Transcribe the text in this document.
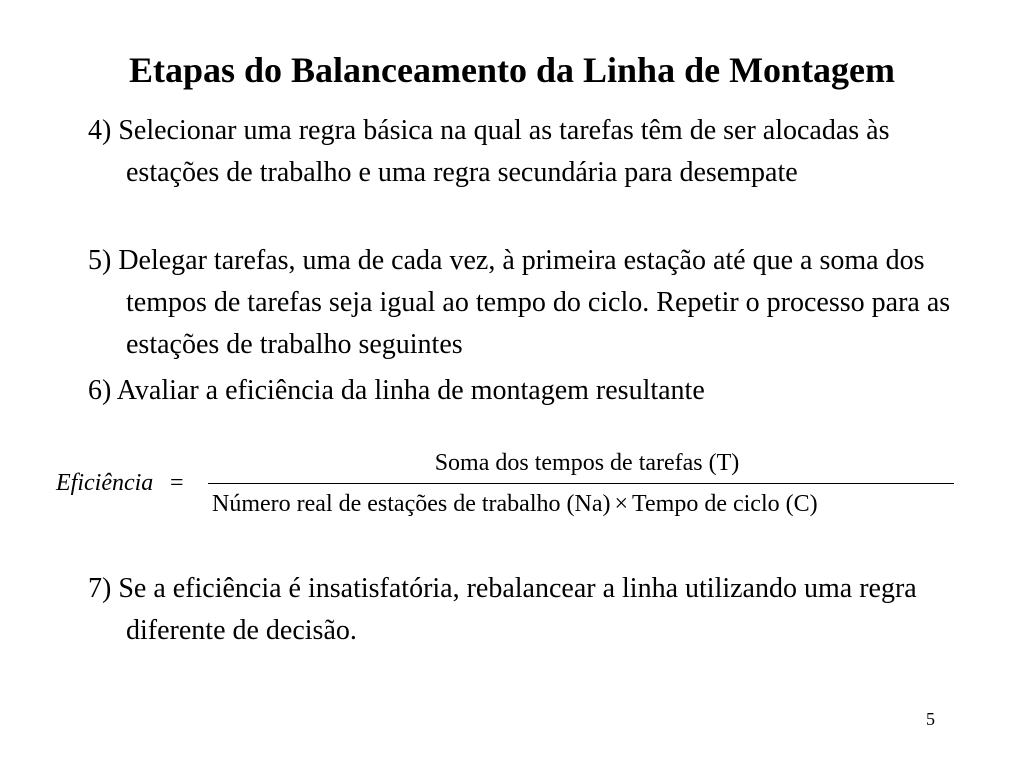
Etapas do Balanceamento da Linha de Montagem
4) Selecionar uma regra básica na qual as tarefas têm de ser alocadas às estações de trabalho e uma regra secundária para desempate
5) Delegar tarefas, uma de cada vez, à primeira estação até que a soma dos tempos de tarefas seja igual ao tempo do ciclo. Repetir o processo para as estações de trabalho seguintes
6) Avaliar a eficiência da linha de montagem resultante
Eficiência =
Soma dos tempos de tarefas (T)
Número real de estações de trabalho (Na) × Tempo de ciclo (C)
7) Se a eficiência é insatisfatória, rebalancear a linha utilizando uma regra diferente de decisão.
5
